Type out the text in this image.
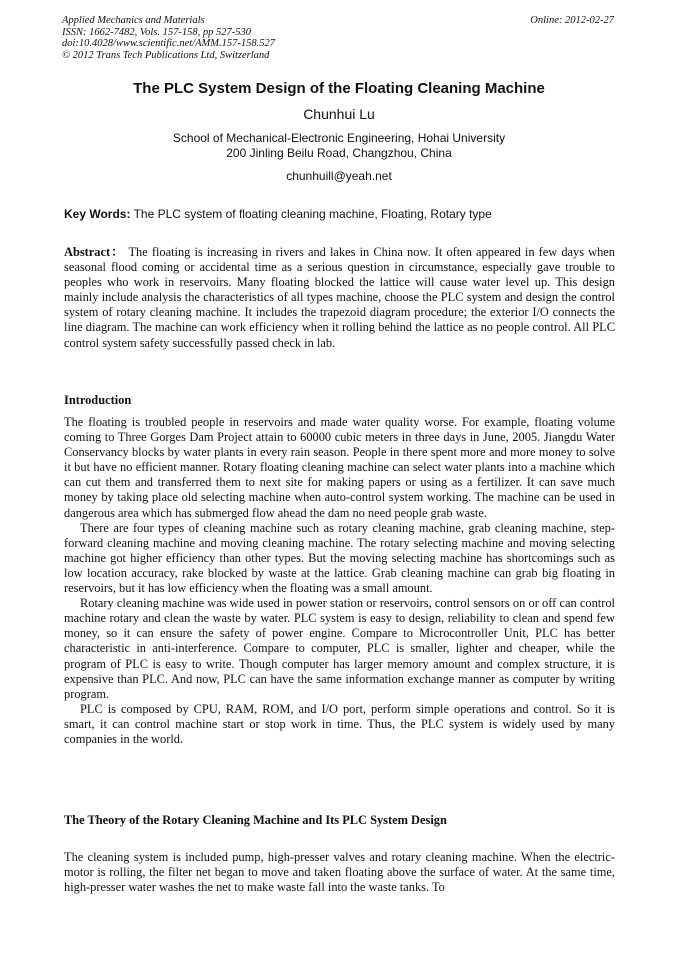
Applied Mechanics and Materials
ISSN: 1662-7482, Vols. 157-158, pp 527-530
doi:10.4028/www.scientific.net/AMM.157-158.527
© 2012 Trans Tech Publications Ltd, Switzerland
Online: 2012-02-27
The PLC System Design of the Floating Cleaning Machine
Chunhui Lu
School of Mechanical-Electronic Engineering, Hohai University
200 Jinling Beilu Road, Changzhou, China
chunhuill@yeah.net
Key Words: The PLC system of floating cleaning machine, Floating, Rotary type

Abstract： The floating is increasing in rivers and lakes in China now. It often appeared in few days when seasonal flood coming or accidental time as a serious question in circumstance, especially gave trouble to peoples who work in reservoirs. Many floating blocked the lattice will cause water level up. This design mainly include analysis the characteristics of all types machine, choose the PLC system and design the control system of rotary cleaning machine. It includes the trapezoid diagram procedure; the exterior I/O connects the line diagram. The machine can work efficiency when it rolling behind the lattice as no people control. All PLC control system safety successfully passed check in lab.

Introduction

The floating is troubled people in reservoirs and made water quality worse. For example, floating volume coming to Three Gorges Dam Project attain to 60000 cubic meters in three days in June, 2005. Jiangdu Water Conservancy blocks by water plants in every rain season. People in there spent more and more money to solve it but have no efficient manner. Rotary floating cleaning machine can select water plants into a machine which can cut them and transferred them to next site for making papers or using as a fertilizer. It can save much money by taking place old selecting machine when auto-control system working. The machine can be used in dangerous area which has submerged flow ahead the dam no need people grab waste.

There are four types of cleaning machine such as rotary cleaning machine, grab cleaning machine, step-forward cleaning machine and moving cleaning machine. The rotary selecting machine and moving selecting machine got higher efficiency than other types. But the moving selecting machine has shortcomings such as low location accuracy, rake blocked by waste at the lattice. Grab cleaning machine can grab big floating in reservoirs, but it has low efficiency when the floating was a small amount.

Rotary cleaning machine was wide used in power station or reservoirs, control sensors on or off can control machine rotary and clean the waste by water. PLC system is easy to design, reliability to clean and spend few money, so it can ensure the safety of power engine. Compare to Microcontroller Unit, PLC has better characteristic in anti-interference. Compare to computer, PLC is smaller, lighter and cheaper, while the program of PLC is easy to write. Though computer has larger memory amount and complex structure, it is expensive than PLC. And now, PLC can have the same information exchange manner as computer by writing program.

PLC is composed by CPU, RAM, ROM, and I/O port, perform simple operations and control. So it is smart, it can control machine start or stop work in time. Thus, the PLC system is widely used by many companies in the world.

The Theory of the Rotary Cleaning Machine and Its PLC System Design

The cleaning system is included pump, high-presser valves and rotary cleaning machine. When the electric-motor is rolling, the filter net began to move and taken floating above the surface of water. At the same time, high-presser water washes the net to make waste fall into the waste tanks. To
